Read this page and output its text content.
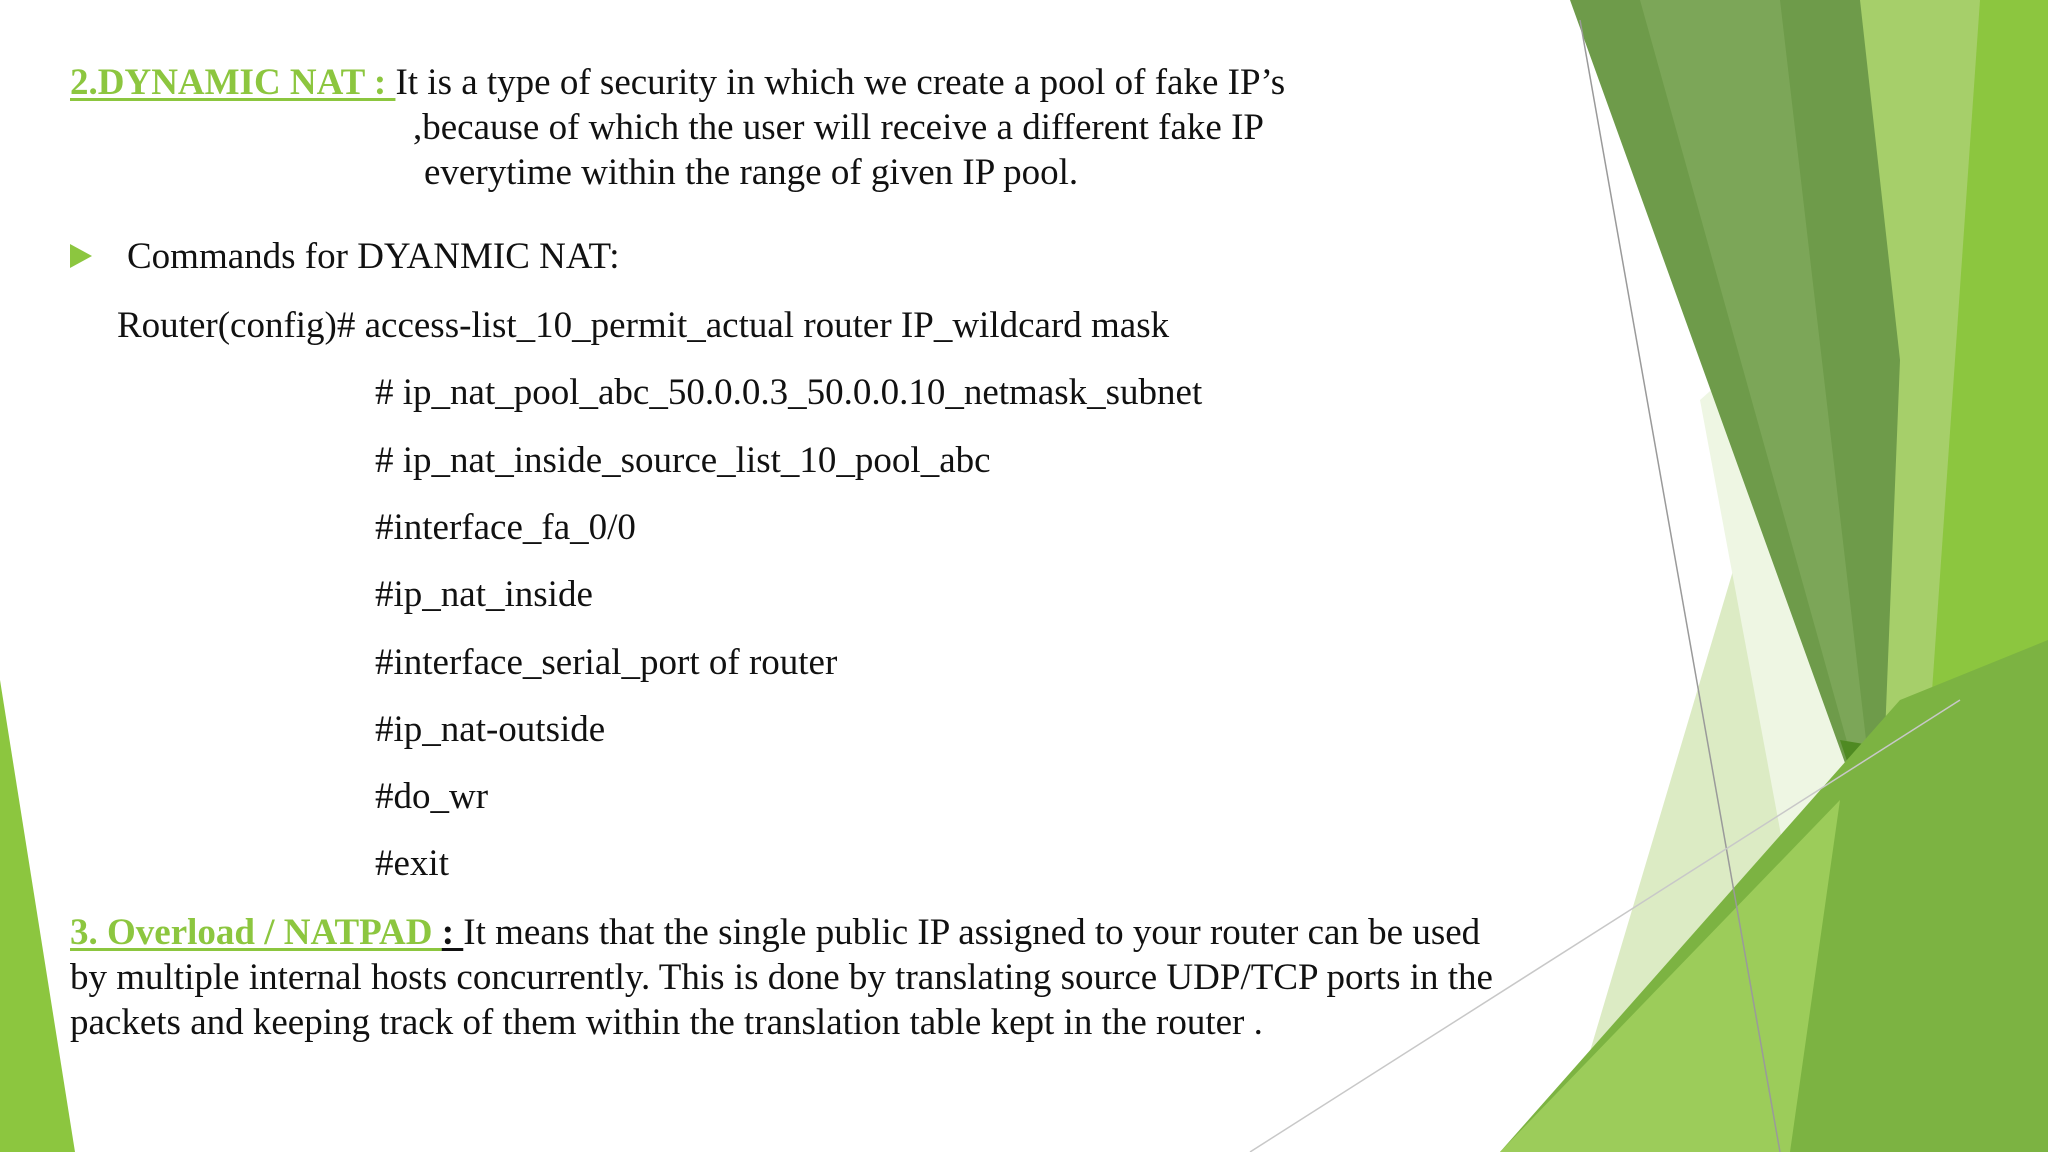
2.DYNAMIC NAT : It is a type of security in which we create a pool of fake IP’s
,because of which the user will receive a different fake IP
everytime within the range of given IP pool.
Commands for DYANMIC NAT:
Router(config)# access-list_10_permit_actual router IP_wildcard mask
# ip_nat_pool_abc_50.0.0.3_50.0.0.10_netmask_subnet
# ip_nat_inside_source_list_10_pool_abc
#interface_fa_0/0
#ip_nat_inside
#interface_serial_port of router
#ip_nat-outside
#do_wr
#exit
3. Overload / NATPAD : It means that the single public IP assigned to your router can be used
by multiple internal hosts concurrently. This is done by translating source UDP/TCP ports in the
packets and keeping track of them within the translation table kept in the router .
